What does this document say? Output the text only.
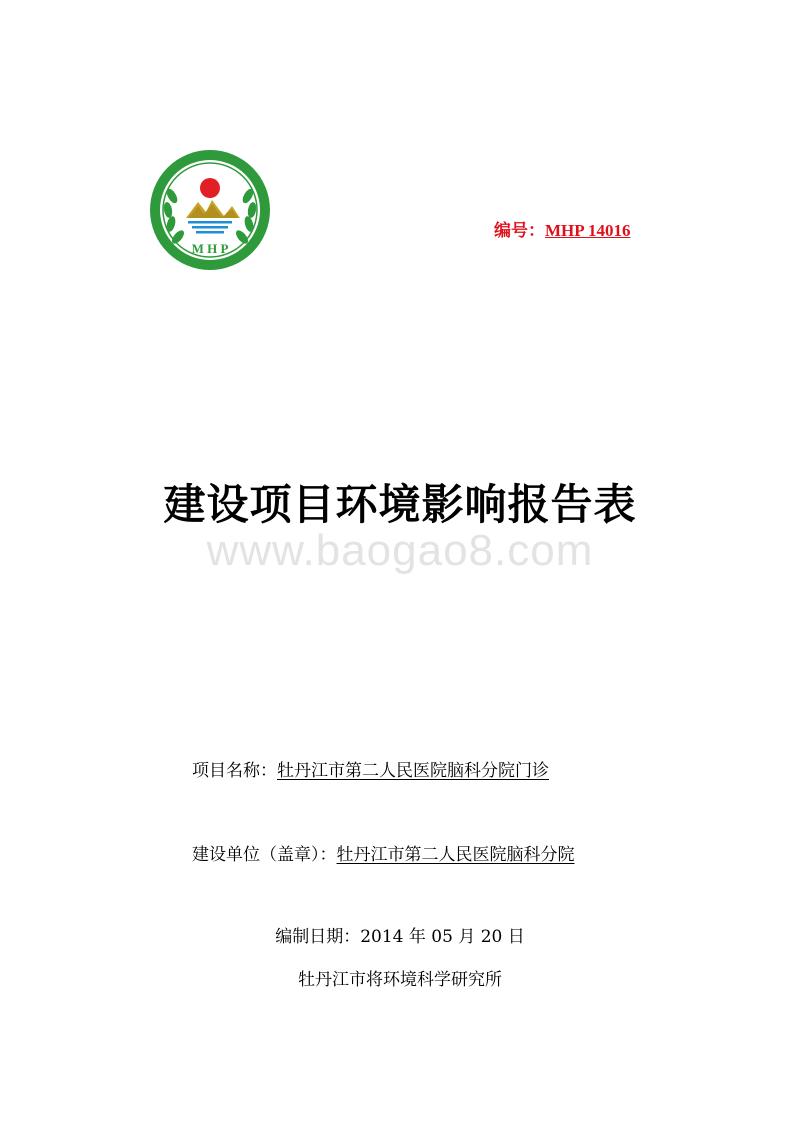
M H P
编号：MHP 14016
建设项目环境影响报告表
www.baogao8.com
项目名称：牡丹江市第二人民医院脑科分院门诊
建设单位（盖章）：牡丹江市第二人民医院脑科分院
编制日期：2014 年 05 月 20 日
牡丹江市将环境科学研究所
